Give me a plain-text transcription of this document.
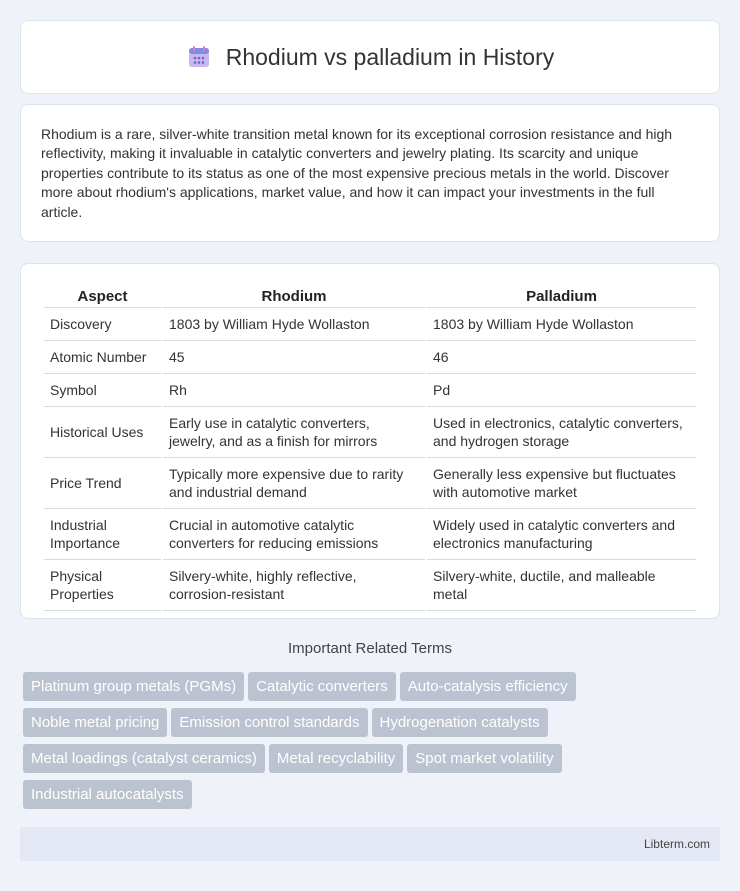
Rhodium vs palladium in History

Rhodium is a rare, silver-white transition metal known for its exceptional corrosion resistance and high reflectivity, making it invaluable in catalytic converters and jewelry plating. Its scarcity and unique properties contribute to its status as one of the most expensive precious metals in the world. Discover more about rhodium's applications, market value, and how it can impact your investments in the full article.

Aspect	Rhodium	Palladium
Discovery	1803 by William Hyde Wollaston	1803 by William Hyde Wollaston
Atomic Number	45	46
Symbol	Rh	Pd
Historical Uses	Early use in catalytic converters, jewelry, and as a finish for mirrors	Used in electronics, catalytic converters, and hydrogen storage
Price Trend	Typically more expensive due to rarity and industrial demand	Generally less expensive but fluctuates with automotive market
Industrial Importance	Crucial in automotive catalytic converters for reducing emissions	Widely used in catalytic converters and electronics manufacturing
Physical Properties	Silvery-white, highly reflective, corrosion-resistant	Silvery-white, ductile, and malleable metal
Important Related Terms
Platinum group metals (PGMs) Catalytic converters Auto-catalysis efficiency
Noble metal pricing Emission control standards Hydrogenation catalysts
Metal loadings (catalyst ceramics) Metal recyclability Spot market volatility
Industrial autocatalysts
Libterm.com
